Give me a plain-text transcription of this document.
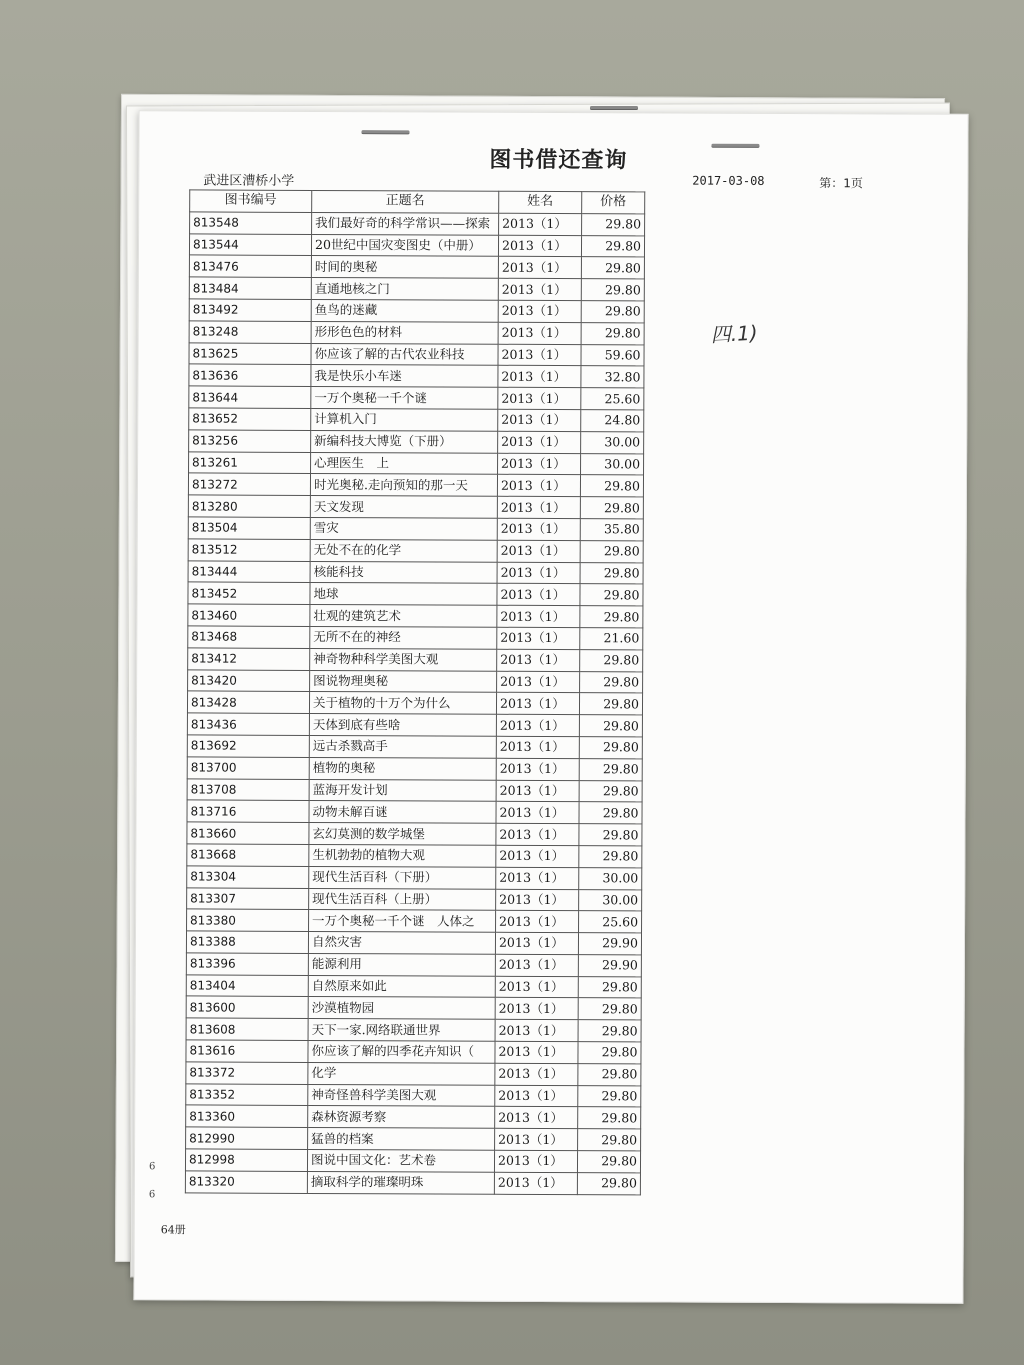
图书借还查询
武进区漕桥小学	2017-03-08	第：1页
四.1)
图书编号	正题名	姓名	价格
813548	我们最好奇的科学常识——探索	2013（1）	29.80
813544	20世纪中国灾变图史（中册）	2013（1）	29.80
813476	时间的奥秘	2013（1）	29.80
813484	直通地核之门	2013（1）	29.80
813492	鱼鸟的迷藏	2013（1）	29.80
813248	形形色色的材料	2013（1）	29.80
813625	你应该了解的古代农业科技	2013（1）	59.60
813636	我是快乐小车迷	2013（1）	32.80
813644	一万个奥秘一千个谜	2013（1）	25.60
813652	计算机入门	2013（1）	24.80
813256	新编科技大博览（下册）	2013（1）	30.00
813261	心理医生　上	2013（1）	30.00
813272	时光奥秘.走向预知的那一天	2013（1）	29.80
813280	天文发现	2013（1）	29.80
813504	雪灾	2013（1）	35.80
813512	无处不在的化学	2013（1）	29.80
813444	核能科技	2013（1）	29.80
813452	地球	2013（1）	29.80
813460	壮观的建筑艺术	2013（1）	29.80
813468	无所不在的神经	2013（1）	21.60
813412	神奇物种科学美图大观	2013（1）	29.80
813420	图说物理奥秘	2013（1）	29.80
813428	关于植物的十万个为什么	2013（1）	29.80
813436	天体到底有些啥	2013（1）	29.80
813692	远古杀戮高手	2013（1）	29.80
813700	植物的奥秘	2013（1）	29.80
813708	蓝海开发计划	2013（1）	29.80
813716	动物未解百谜	2013（1）	29.80
813660	玄幻莫测的数学城堡	2013（1）	29.80
813668	生机勃勃的植物大观	2013（1）	29.80
813304	现代生活百科（下册）	2013（1）	30.00
813307	现代生活百科（上册）	2013（1）	30.00
813380	一万个奥秘一千个谜　人体之	2013（1）	25.60
813388	自然灾害	2013（1）	29.90
813396	能源利用	2013（1）	29.90
813404	自然原来如此	2013（1）	29.80
813600	沙漠植物园	2013（1）	29.80
813608	天下一家.网络联通世界	2013（1）	29.80
813616	你应该了解的四季花卉知识（	2013（1）	29.80
813372	化学	2013（1）	29.80
813352	神奇怪兽科学美图大观	2013（1）	29.80
813360	森林资源考察	2013（1）	29.80
812990	猛兽的档案	2013（1）	29.80
812998	图说中国文化：艺术卷	2013（1）	29.80
813320	摘取科学的璀璨明珠	2013（1）	29.80
64册
6
6
